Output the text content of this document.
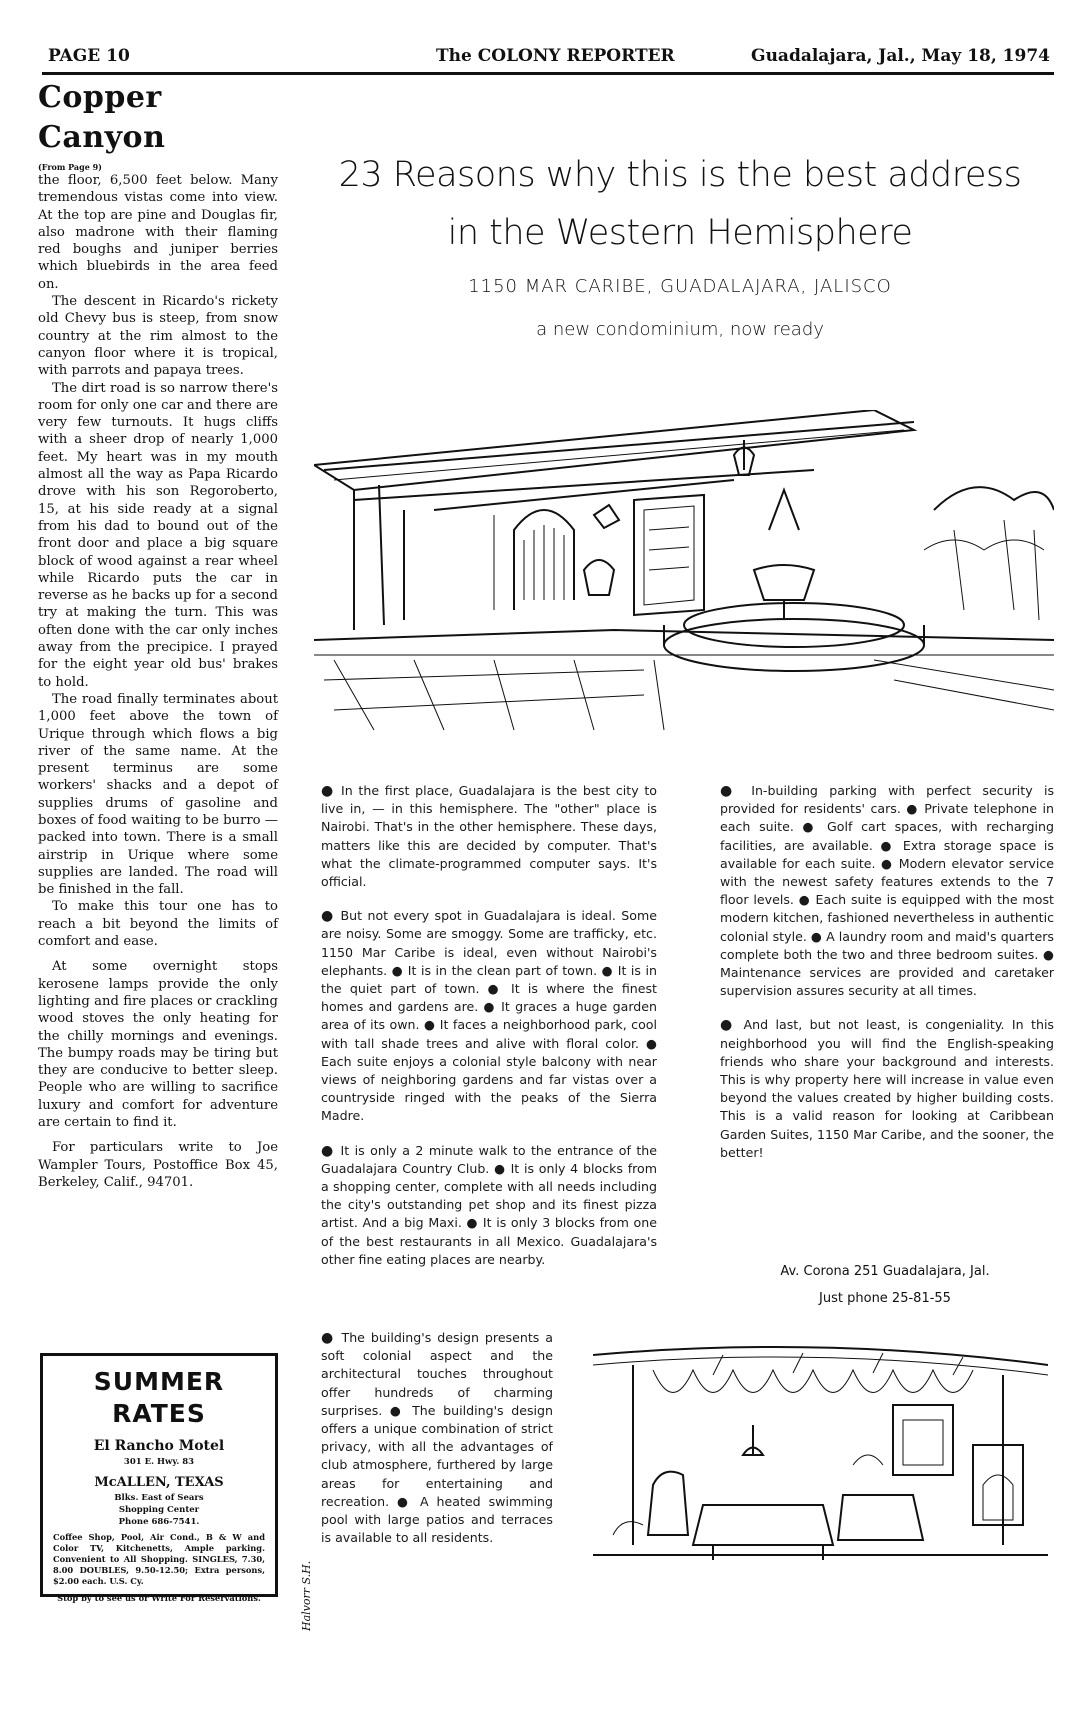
PAGE 10	The COLONY REPORTER	Guadalajara, Jal., May 18, 1974
Copper Canyon
(From Page 9)

the floor, 6,500 feet below. Many tremendous vistas come into view. At the top are pine and Douglas fir, also madrone with their flaming red boughs and juniper berries which bluebirds in the area feed on.

The descent in Ricardo's rickety old Chevy bus is steep, from snow country at the rim almost to the canyon floor where it is tropical, with parrots and papaya trees.

The dirt road is so narrow there's room for only one car and there are very few turnouts. It hugs cliffs with a sheer drop of nearly 1,000 feet. My heart was in my mouth almost all the way as Papa Ricardo drove with his son Regoroberto, 15, at his side ready at a signal from his dad to bound out of the front door and place a big square block of wood against a rear wheel while Ricardo puts the car in reverse as he backs up for a second try at making the turn. This was often done with the car only inches away from the precipice. I prayed for the eight year old bus' brakes to hold.

The road finally terminates about 1,000 feet above the town of Urique through which flows a big river of the same name. At the present terminus are some workers' shacks and a depot of supplies drums of gasoline and boxes of food waiting to be burro — packed into town. There is a small airstrip in Urique where some supplies are landed. The road will be finished in the fall.

To make this tour one has to reach a bit beyond the limits of comfort and ease.

At some overnight stops kerosene lamps provide the only lighting and fire places or crackling wood stoves the only heating for the chilly mornings and evenings. The bumpy roads may be tiring but they are conducive to better sleep. People who are willing to sacrifice luxury and comfort for adventure are certain to find it.

For particulars write to Joe Wampler Tours, Postoffice Box 45, Berkeley, Calif., 94701.

SUMMER RATES
El Rancho Motel
301 E. Hwy. 83
McALLEN, TEXAS
Blks. East of Sears
Shopping Center
Phone 686-7541.
Coffee Shop, Pool, Air Cond., B & W and Color TV, Kitchenetts, Ample parking. Convenient to All Shopping. SINGLES, 7.30, 8.00 DOUBLES, 9.50-12.50; Extra persons, $2.00 each. U.S. Cy.
Stop by to see us or Write For Reservations.
23 Reasons why this is the best address
in the Western Hemisphere
1150 MAR CARIBE, GUADALAJARA, JALISCO
a new condominium, now ready

● In the first place, Guadalajara is the best city to live in, — in this hemisphere. The "other" place is Nairobi. That's in the other hemisphere. These days, matters like this are decided by computer. That's what the climate-programmed computer says. It's official.

● But not every spot in Guadalajara is ideal. Some are noisy. Some are smoggy. Some are trafficky, etc. 1150 Mar Caribe is ideal, even without Nairobi's elephants. ● It is in the clean part of town. ● It is in the quiet part of town. ● It is where the finest homes and gardens are. ● It graces a huge garden area of its own. ● It faces a neighborhood park, cool with tall shade trees and alive with floral color. ● Each suite enjoys a colonial style balcony with near views of neighboring gardens and far vistas over a countryside ringed with the peaks of the Sierra Madre.

● It is only a 2 minute walk to the entrance of the Guadalajara Country Club. ● It is only 4 blocks from a shopping center, complete with all needs including the city's outstanding pet shop and its finest pizza artist. And a big Maxi. ● It is only 3 blocks from one of the best restaurants in all Mexico. Guadalajara's other fine eating places are nearby.

● In-building parking with perfect security is provided for residents' cars. ● Private telephone in each suite. ● Golf cart spaces, with recharging facilities, are available. ● Extra storage space is available for each suite. ● Modern elevator service with the newest safety features extends to the 7 floor levels. ● Each suite is equipped with the most modern kitchen, fashioned nevertheless in authentic colonial style. ● A laundry room and maid's quarters complete both the two and three bedroom suites. ● Maintenance services are provided and caretaker supervision assures security at all times.

● And last, but not least, is congeniality. In this neighborhood you will find the English-speaking friends who share your background and interests. This is why property here will increase in value even beyond the values created by higher building costs. This is a valid reason for looking at Caribbean Garden Suites, 1150 Mar Caribe, and the sooner, the better!

Av. Corona 251 Guadalajara, Jal.
Just phone 25-81-55

● The building's design presents a soft colonial aspect and the architectural touches throughout offer hundreds of charming surprises. ● The building's design offers a unique combination of strict privacy, with all the advantages of club atmosphere, furthered by large areas for entertaining and recreation. ● A heated swimming pool with large patios and terraces is available to all residents.

Halvorr S.H.
